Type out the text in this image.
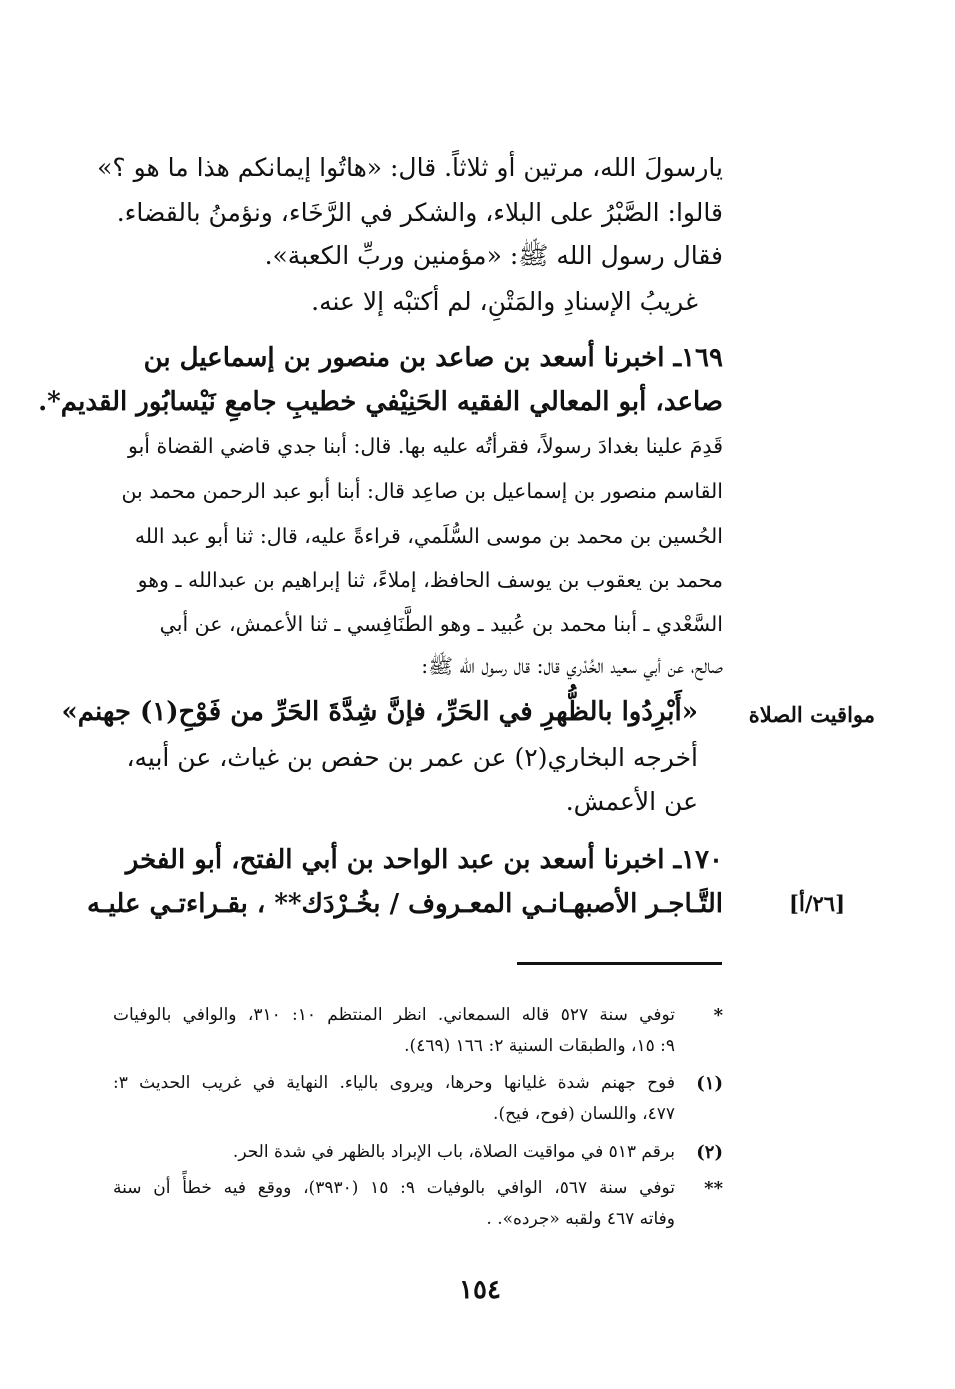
يارسولَ الله، مرتين أو ثلاثاً. قال: «هاتُوا إيمانكم هذا ما هو ؟»
قالوا: الصَّبْرُ على البلاء، والشكر في الرَّخَاء، ونؤمنُ بالقضاء.
فقال رسول الله ﷺ: «مؤمنين وربِّ الكعبة».
غريبُ الإسنادِ والمَتْنِ، لم أكتبْه إلا عنه.
١٦٩ـ اخبرنا أسعد بن صاعد بن منصور بن إسماعيل بن
صاعد، أبو المعالي الفقيه الحَنِيْفي خطيبِ جامعِ نَيْسابُور القديم*.
قَدِمَ علينا بغدادَ رسولاً، فقرأتُه عليه بها. قال: أبنا جدي قاضي القضاة أبو
القاسم منصور بن إسماعيل بن صاعِد قال: أبنا أبو عبد الرحمن محمد بن
الحُسين بن محمد بن موسى السُّلَمي، قراءةً عليه، قال: ثنا أبو عبد الله
محمد بن يعقوب بن يوسف الحافظ، إملاءً، ثنا إبراهيم بن عبدالله ـ وهو
السَّعْدي ـ أبنا محمد بن عُبيد ـ وهو الطَّنَافِسي ـ ثنا الأعمش، عن أبي
صالح، عن أبي سعيد الخُدْري قال: قال رسول الله ﷺ:
«أَبْرِدُوا بالظُّهرِ في الحَرِّ، فإنَّ شِدَّةَ الحَرِّ من فَوْحِ(١) جهنم» مواقيت الصلاة
أخرجه البخاري(٢) عن عمر بن حفص بن غياث، عن أبيه،
عن الأعمش.
١٧٠ـ اخبرنا أسعد بن عبد الواحد بن أبي الفتح، أبو الفخر
التَّـاجـر الأصبهـانـي المعـروف / بخُـرْدَك** ، بقـراءتـي عليـه	[٢٦/أ]
*
توفي سنة ٥٢٧ قاله السمعاني. انظر المنتظم ١٠: ٣١٠، والوافي بالوفيات
٩: ١٥، والطبقات السنية ٢: ١٦٦ (٤٦٩).
(١)
فوح جهنم شدة غليانها وحرها، ويروى بالياء. النهاية في غريب الحديث ٣:
٤٧٧، واللسان (فوح، فيح).
(٢)
برقم ٥١٣ في مواقيت الصلاة، باب الإبراد بالظهر في شدة الحر.
**
توفي سنة ٥٦٧، الوافي بالوفيات ٩: ١٥ (٣٩٣٠)، ووقع فيه خطأً أن سنة
وفاته ٤٦٧ ولقبه «جرده». .
١٥٤
